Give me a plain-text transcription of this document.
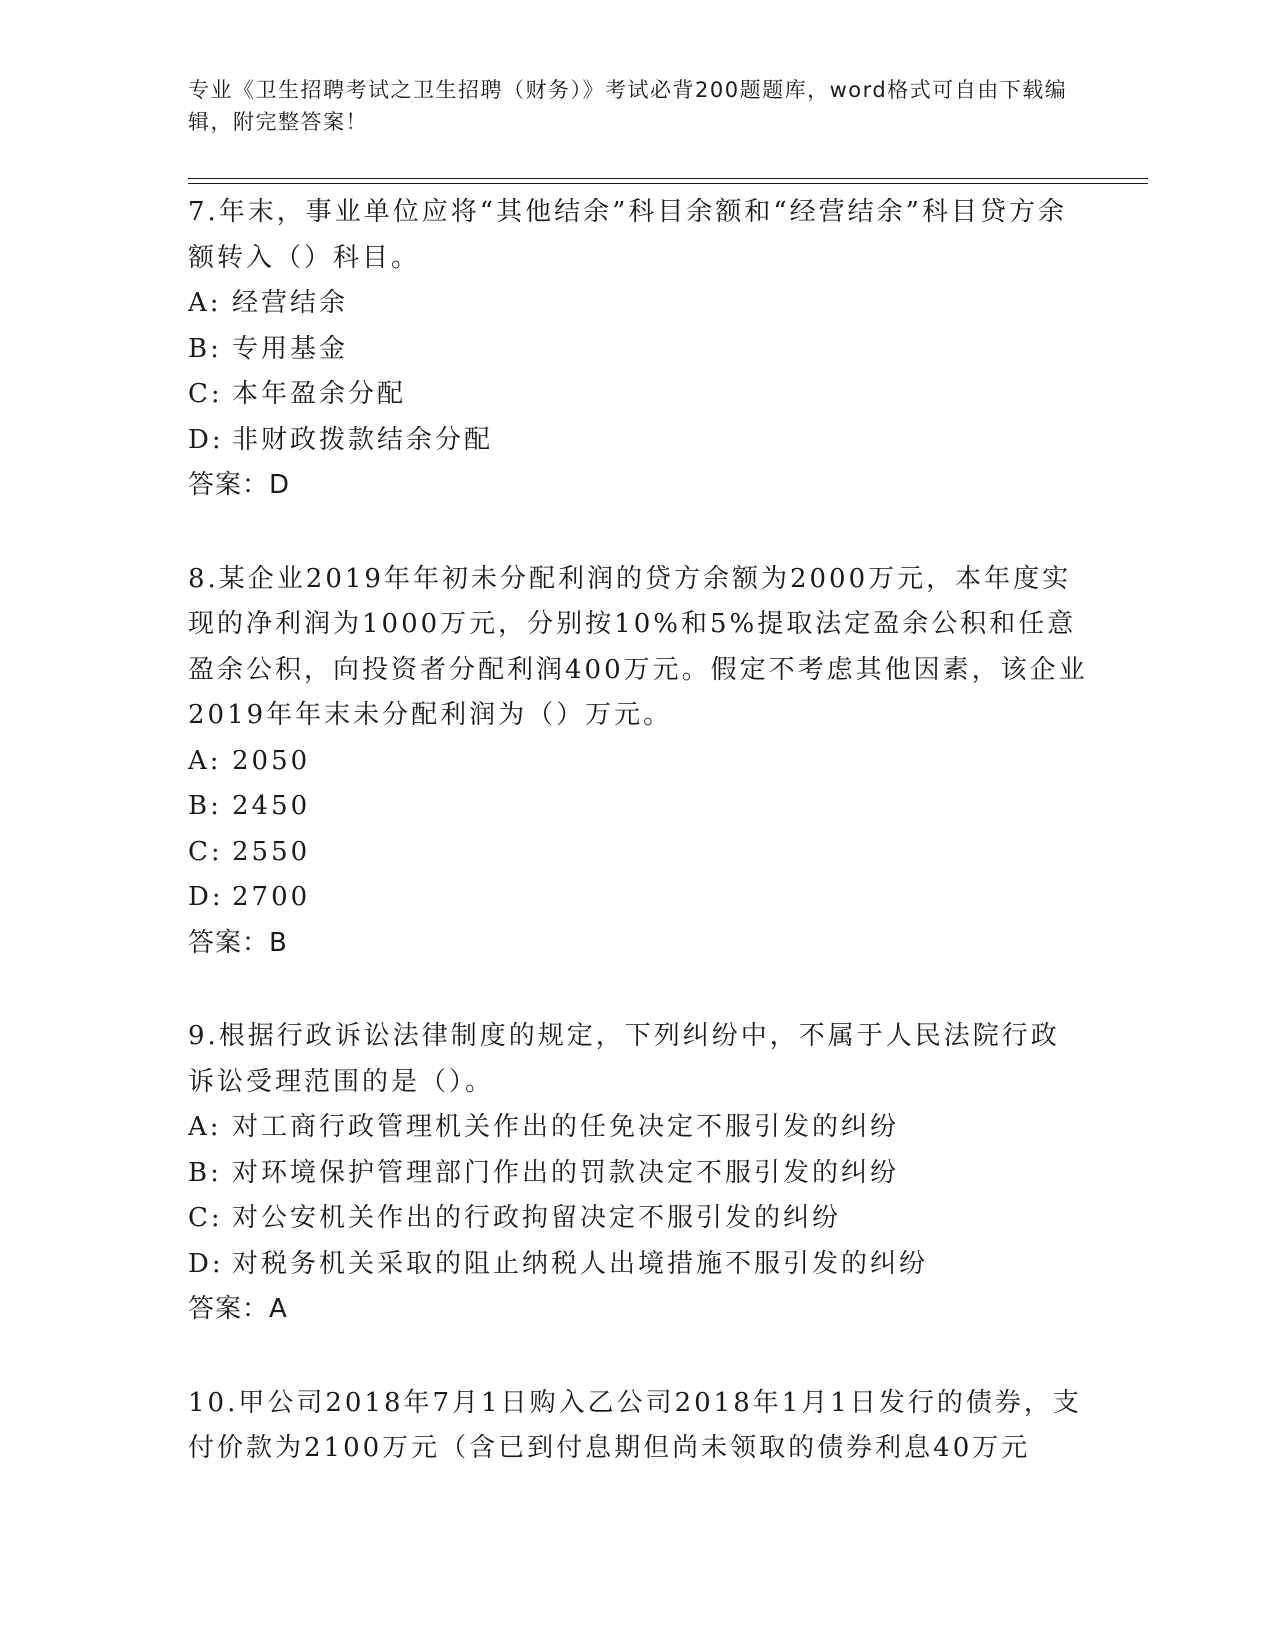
专业《卫生招聘考试之卫生招聘（财务）》考试必背200题题库，word格式可自由下载编辑，附完整答案！

7.年末，事业单位应将“其他结余”科目余额和“经营结余”科目贷方余额转入（）科目。

A: 经营结余

B: 专用基金

C: 本年盈余分配

D: 非财政拨款结余分配

答案：D

8.某企业2019年年初未分配利润的贷方余额为2000万元，本年度实现的净利润为1000万元，分别按10%和5%提取法定盈余公积和任意盈余公积，向投资者分配利润400万元。假定不考虑其他因素，该企业2019年年末未分配利润为（）万元。

A: 2050

B: 2450

C: 2550

D: 2700

答案：B

9.根据行政诉讼法律制度的规定，下列纠纷中，不属于人民法院行政诉讼受理范围的是（）。

A: 对工商行政管理机关作出的任免决定不服引发的纠纷

B: 对环境保护管理部门作出的罚款决定不服引发的纠纷

C: 对公安机关作出的行政拘留决定不服引发的纠纷

D: 对税务机关采取的阻止纳税人出境措施不服引发的纠纷

答案：A

10.甲公司2018年7月1日购入乙公司2018年1月1日发行的债券，支付价款为2100万元（含已到付息期但尚未领取的债券利息40万元
